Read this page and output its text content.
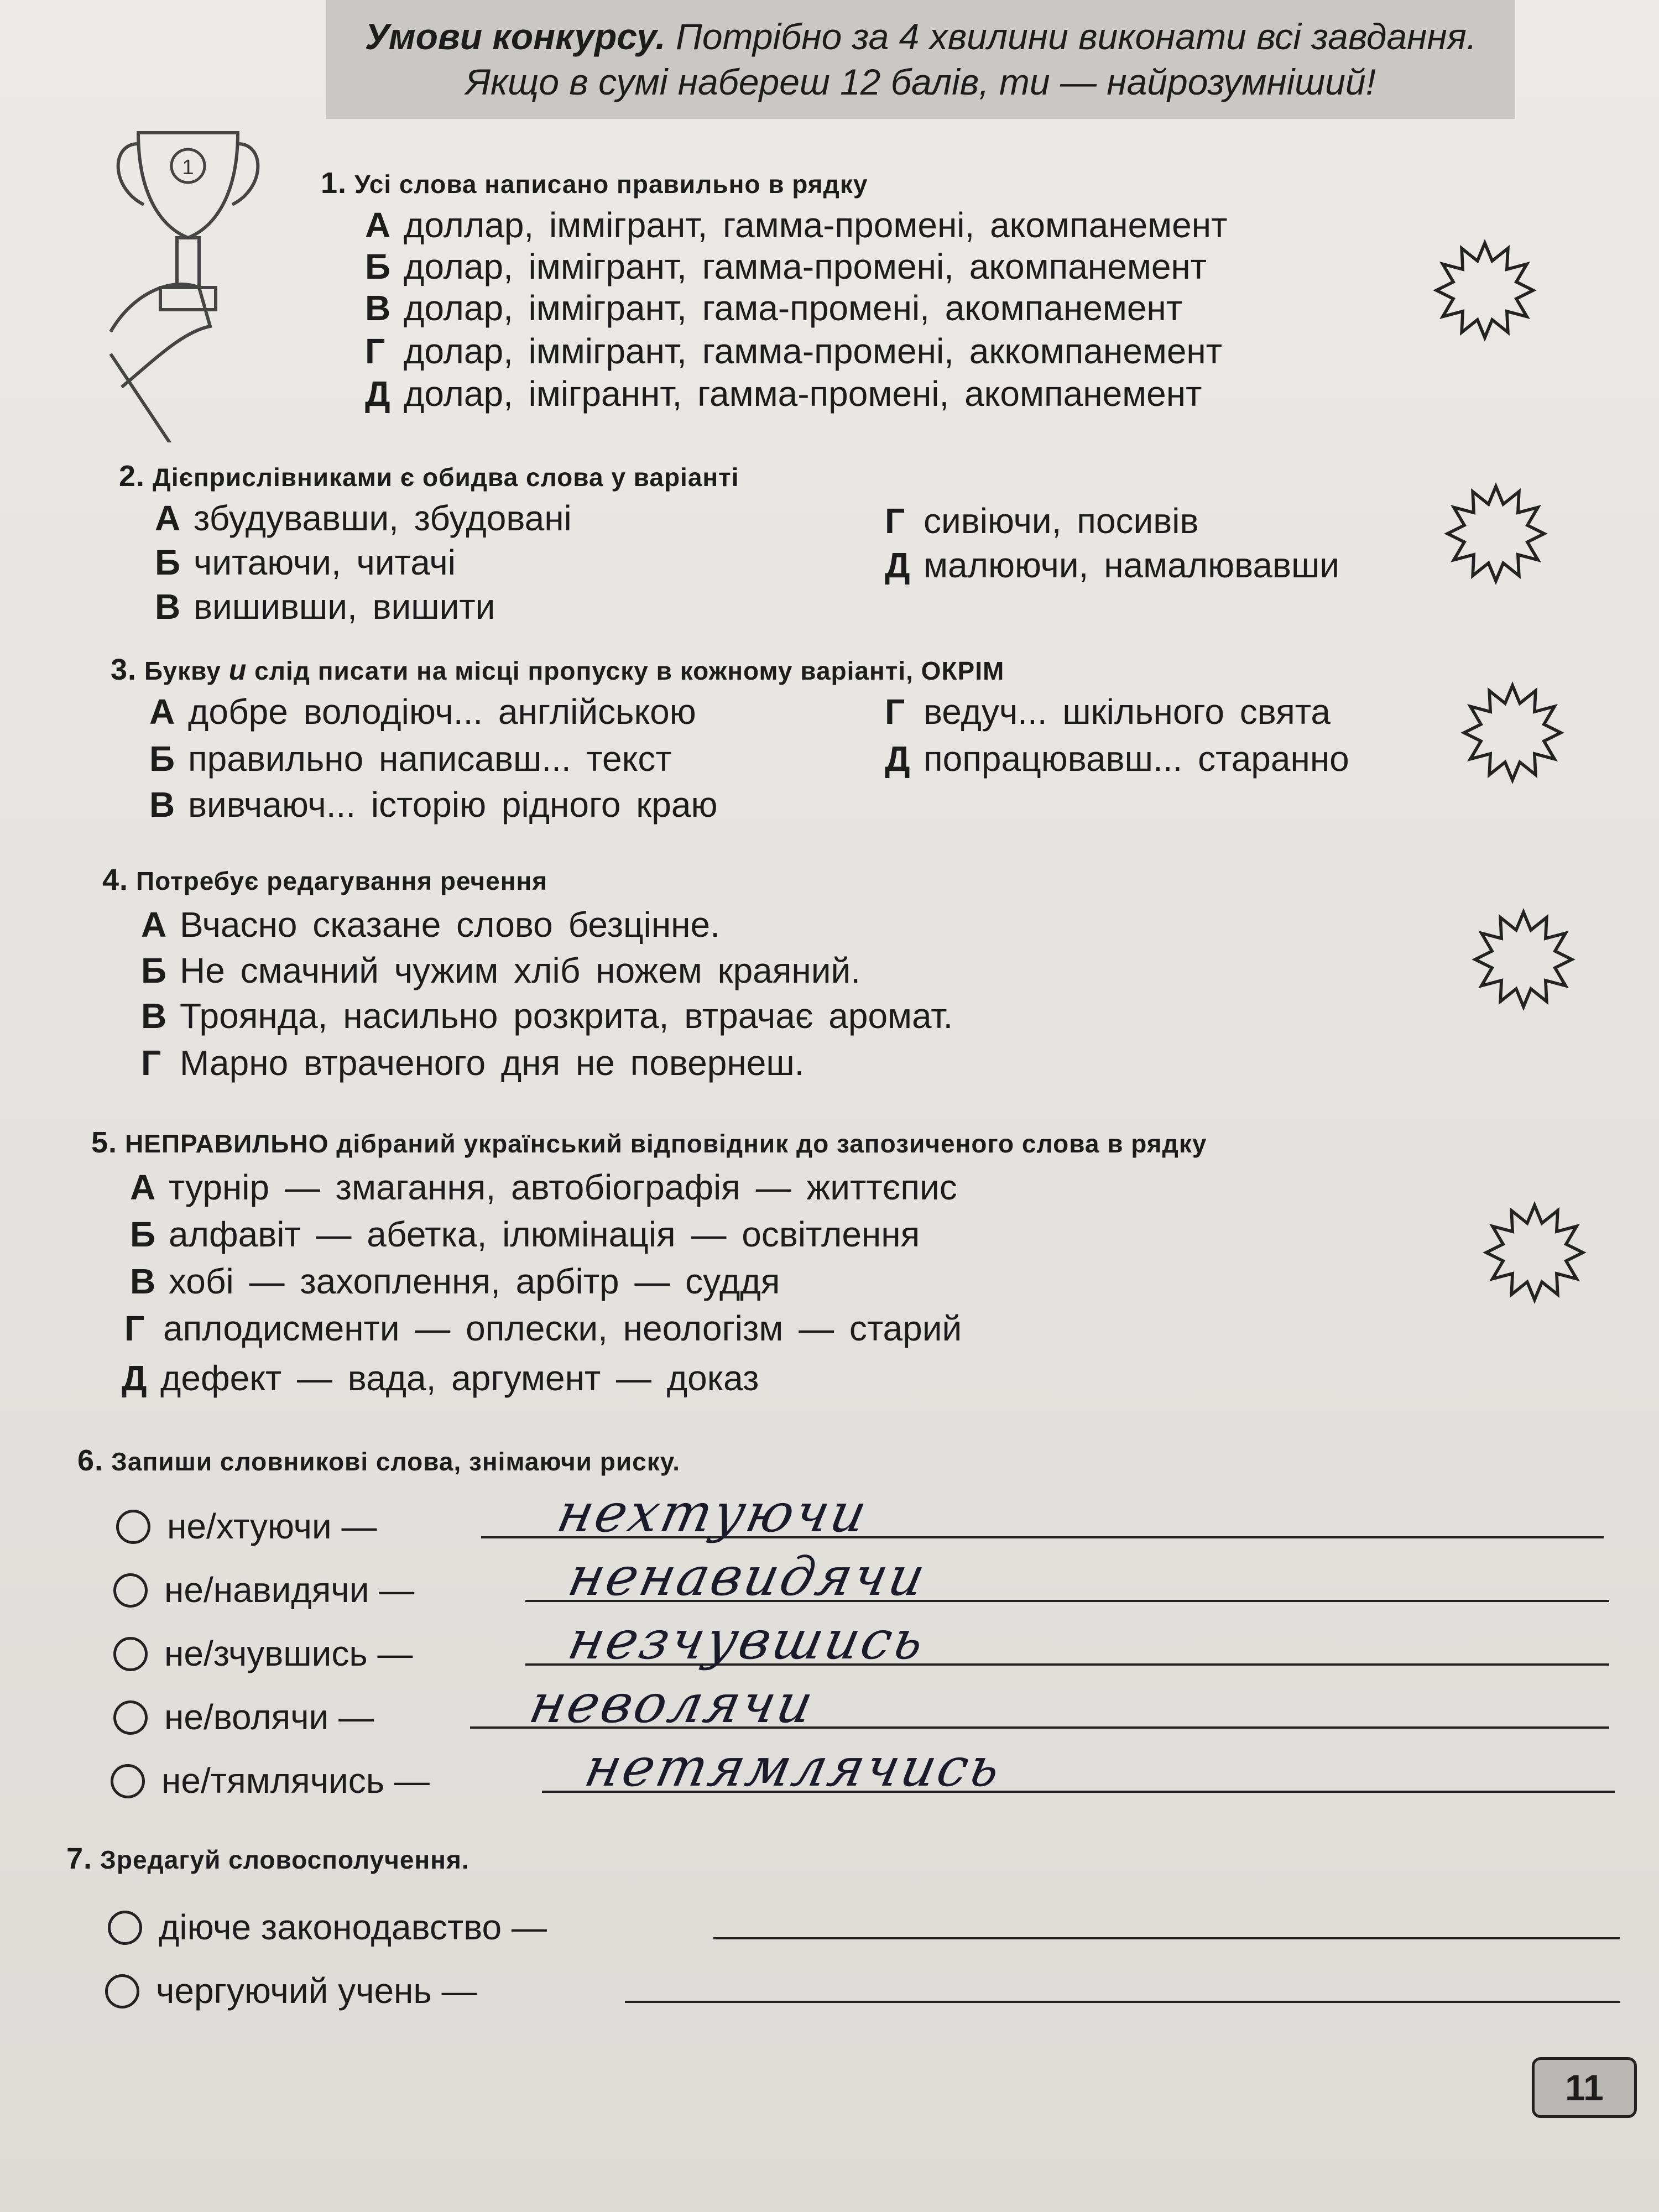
Умови конкурсу. Потрібно за 4 хвилини виконати всі завдання. Якщо в сумі набереш 12 балів, ти — найрозумніший!
1	1. Усі слова написано правильно в рядку
А доллар, іммігрант, гамма-промені, акомпанемент
Б долар, іммігрант, гамма-промені, акомпанемент
В долар, іммігрант, гама-промені, акомпанемент
Г долар, іммігрант, гамма-промені, аккомпанемент
Д долар, іміграннт, гамма-промені, акомпанемент
2. Дієприслівниками є обидва слова у варіанті
А збудувавши, збудовані
Б читаючи, читачі
В вишивши, вишити
Г сивіючи, посивів
Д малюючи, намалювавши
3. Букву и слід писати на місці пропуску в кожному варіанті, ОКРІМ
А добре володіюч... англійською
Б правильно написавш... текст
В вивчаюч... історію рідного краю
Г ведуч... шкільного свята
Д попрацювавш... старанно
4. Потребує редагування речення
А Вчасно сказане слово безцінне.
Б Не смачний чужим хліб ножем краяний.
В Троянда, насильно розкрита, втрачає аромат.
Г Марно втраченого дня не повернеш.
5. НЕПРАВИЛЬНО дібраний український відповідник до запозиченого слова в рядку
А турнір — змагання, автобіографія — життєпис
Б алфавіт — абетка, ілюмінація — освітлення
В хобі — захоплення, арбітр — суддя
Г аплодисменти — оплески, неологізм — старий
Д дефект — вада, аргумент — доказ
6. Запиши словникові слова, знімаючи риску.
не/хтуючи —	нехтуючи
не/навидячи —	ненавидячи
не/зчувшись —	незчувшись
не/волячи —	неволячи
не/тямлячись —	нетямлячись
7. Зредагуй словосполучення.
діюче законодавство —
чергуючий учень —
11
